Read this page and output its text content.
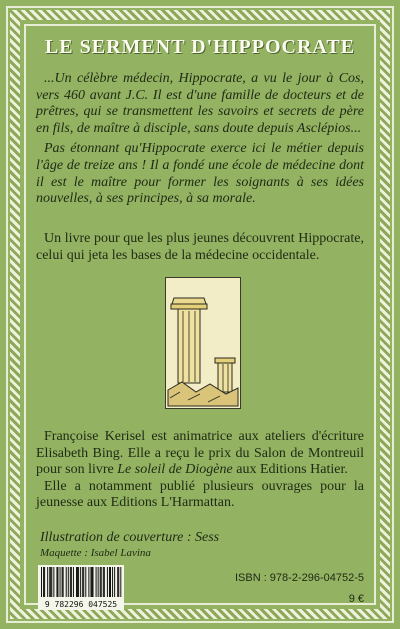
LE SERMENT D'HIPPOCRATE

...Un célèbre médecin, Hippocrate, a vu le jour à Cos, vers 460 avant J.C. Il est d'une famille de docteurs et de prêtres, qui se transmettent les savoirs et secrets de père en fils, de maître à disciple, sans doute depuis Asclépios...

Pas étonnant qu'Hippocrate exerce ici le métier depuis l'âge de treize ans ! Il a fondé une école de médecine dont il est le maître pour former les soignants à ses idées nouvelles, à ses principes, à sa morale.

Un livre pour que les plus jeunes découvrent Hippocrate, celui qui jeta les bases de la médecine occidentale.

Françoise Kerisel est animatrice aux ateliers d'écriture Elisabeth Bing. Elle a reçu le prix du Salon de Montreuil pour son livre Le soleil de Diogène aux Editions Hatier.

Elle a notamment publié plusieurs ouvrages pour la jeunesse aux Editions L'Harmattan.

Illustration de couverture : Sess
Maquette : Isabel Lavina
9 782296 047525
ISBN : 978-2-296-04752-5
9 €
